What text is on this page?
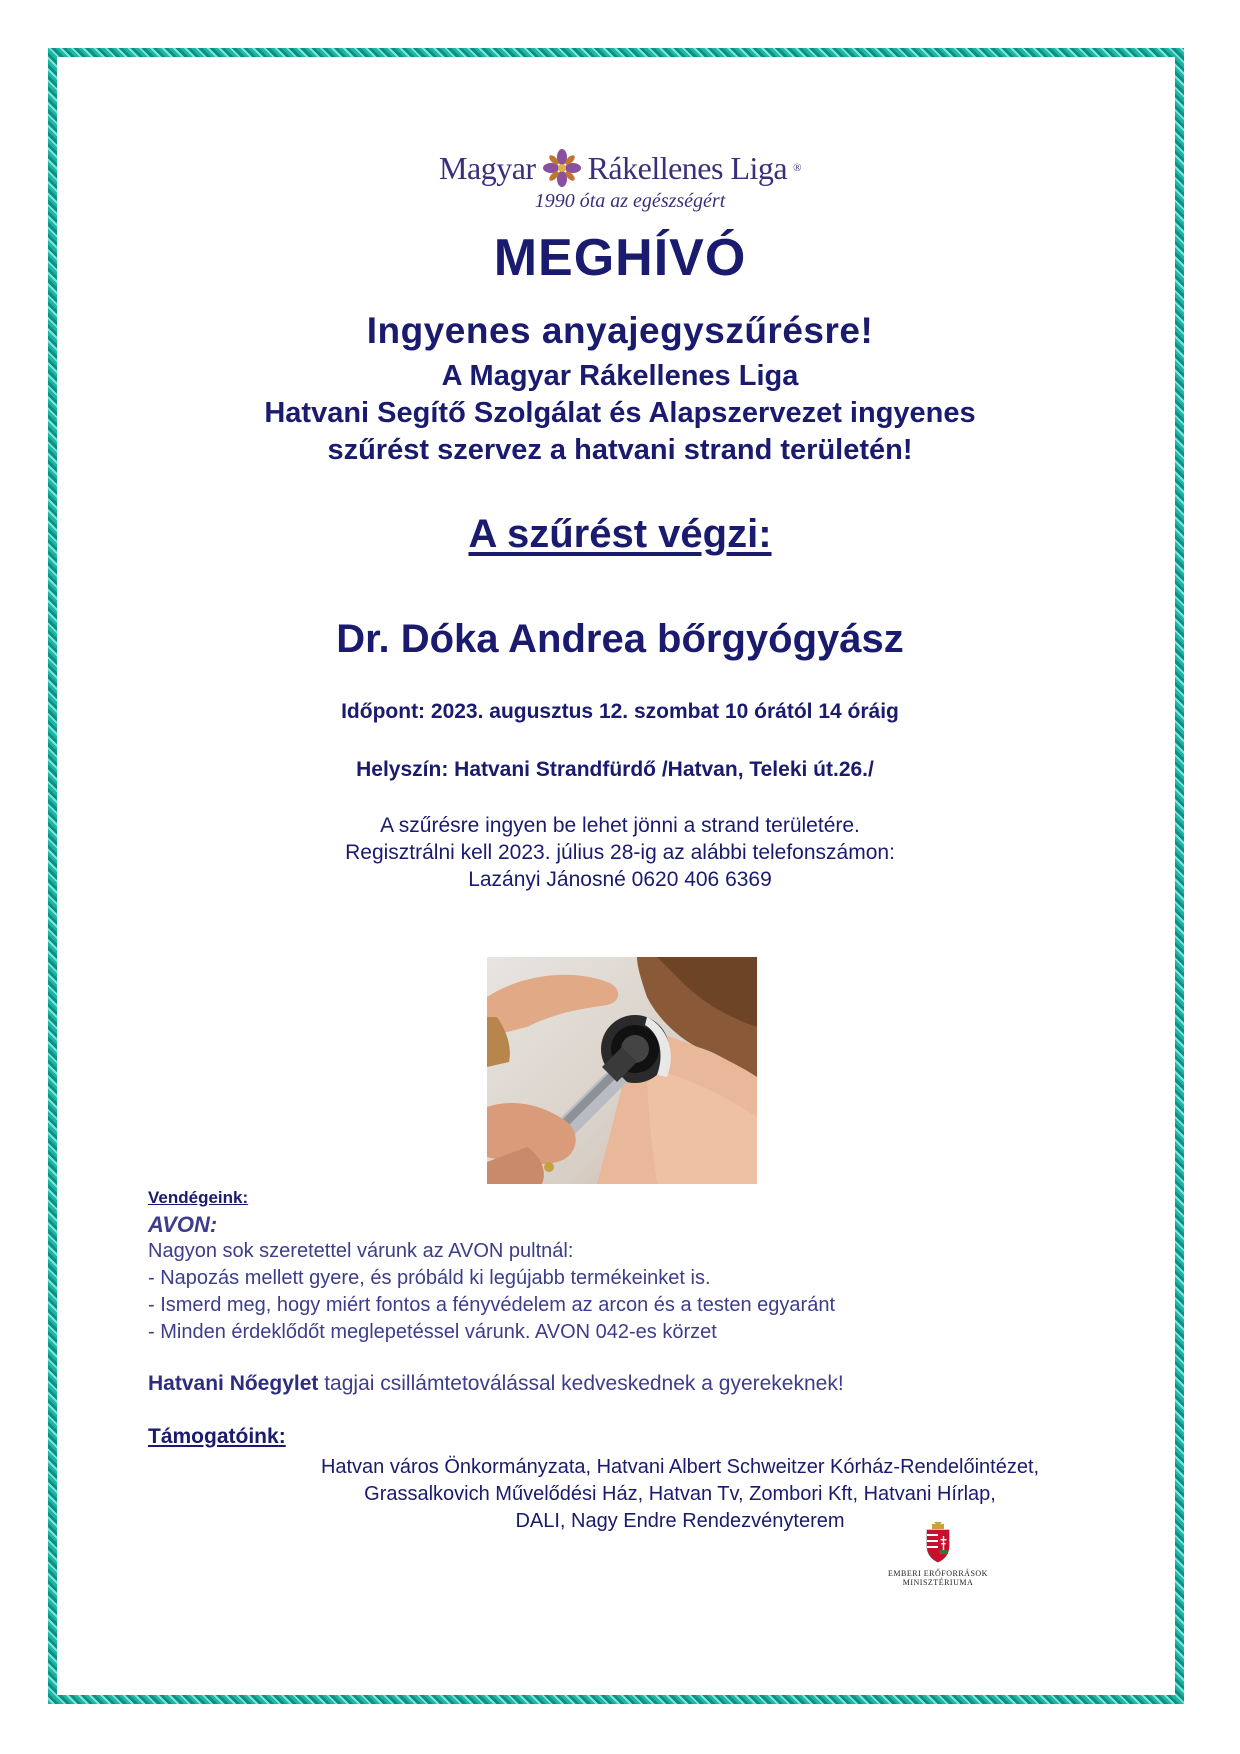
Magyar Rákellenes Liga ®
1990 óta az egészségért
MEGHÍVÓ
Ingyenes anyajegyszűrésre!
A Magyar Rákellenes Liga
Hatvani Segítő Szolgálat és Alapszervezet ingyenes
szűrést szervez a hatvani strand területén!
A szűrést végzi:
Dr. Dóka Andrea bőrgyógyász
Időpont: 2023. augusztus 12. szombat 10 órától 14 óráig
Helyszín: Hatvani Strandfürdő /Hatvan, Teleki út.26./
A szűrésre ingyen be lehet jönni a strand területére.
Regisztrálni kell 2023. július 28-ig az alábbi telefonszámon:
Lazányi Jánosné 0620 406 6369
Vendégeink:
AVON:

Nagyon sok szeretettel várunk az AVON pultnál:

- Napozás mellett gyere, és próbáld ki legújabb termékeinket is.

- Ismerd meg, hogy miért fontos a fényvédelem az arcon és a testen egyaránt

- Minden érdeklődőt meglepetéssel várunk. AVON 042-es körzet

Hatvani Nőegylet tagjai csillámtetoválással kedveskednek a gyerekeknek!
Támogatóink:
Hatvan város Önkormányzata, Hatvani Albert Schweitzer Kórház-Rendelőintézet,
Grassalkovich Művelődési Ház, Hatvan Tv, Zombori Kft, Hatvani Hírlap,
DALI, Nagy Endre Rendezvényterem
EMBERI ERŐFORRÁSOK
MINISZTÉRIUMA
